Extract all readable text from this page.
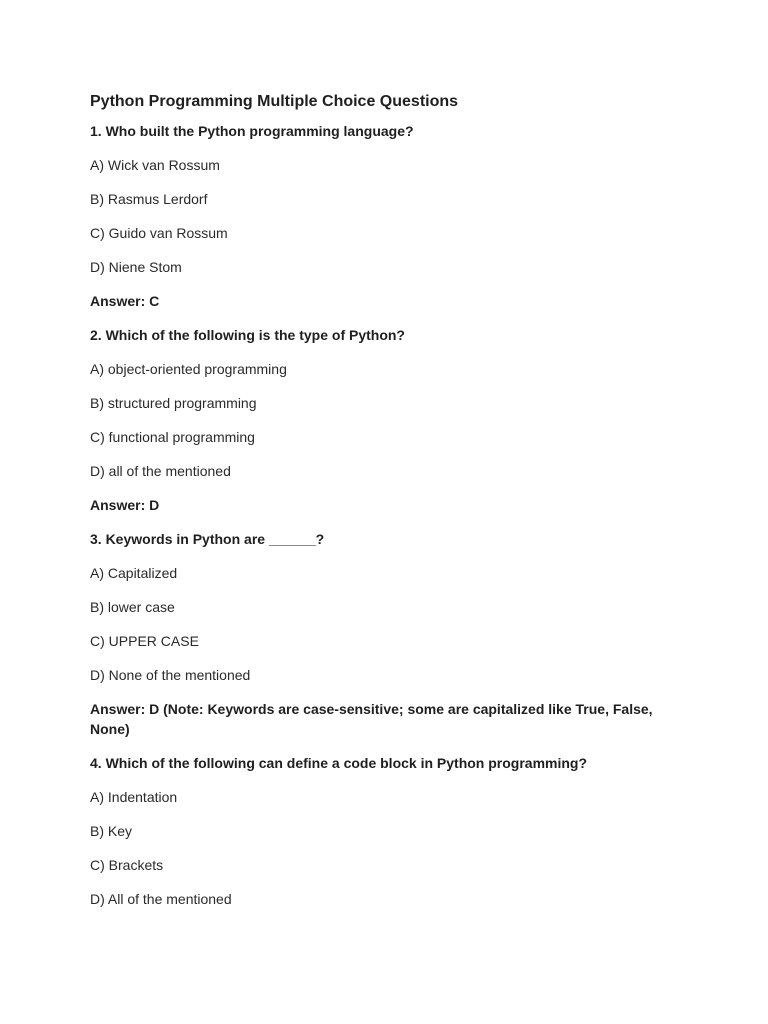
Python Programming Multiple Choice Questions

1. Who built the Python programming language?

A) Wick van Rossum

B) Rasmus Lerdorf

C) Guido van Rossum

D) Niene Stom

Answer: C

2. Which of the following is the type of Python?

A) object-oriented programming

B) structured programming

C) functional programming

D) all of the mentioned

Answer: D

3. Keywords in Python are ______?

A) Capitalized

B) lower case

C) UPPER CASE

D) None of the mentioned

Answer: D (Note: Keywords are case-sensitive; some are capitalized like True, False, None)

4. Which of the following can define a code block in Python programming?

A) Indentation

B) Key

C) Brackets

D) All of the mentioned
